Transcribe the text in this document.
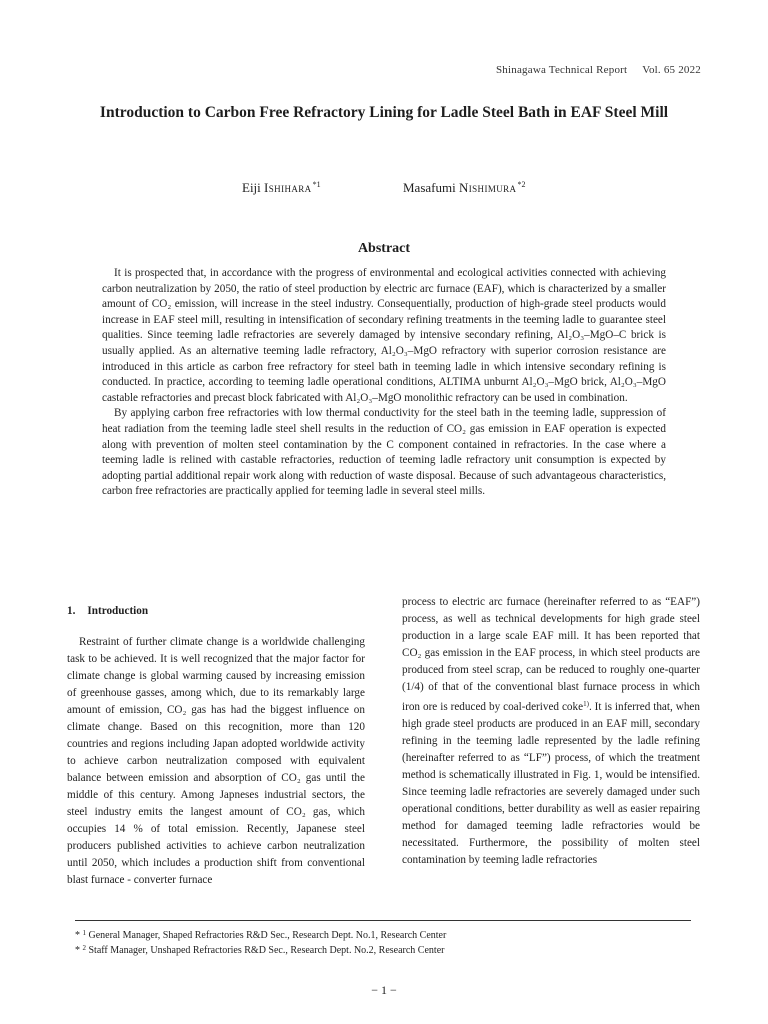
Shinagawa Technical Report Vol. 65 2022
Introduction to Carbon Free Refractory Lining for Ladle Steel Bath in EAF Steel Mill
Eiji Ishihara$^{*1}$	Masafumi Nishimura$^{*2}$
Abstract

It is prospected that, in accordance with the progress of environmental and ecological activities connected with achieving carbon neutralization by 2050, the ratio of steel production by electric arc furnace (EAF), which is characterized by a smaller amount of CO₂ emission, will increase in the steel industry. Consequentially, production of high-grade steel products would increase in EAF steel mill, resulting in intensification of secondary refining treatments in the teeming ladle to guarantee steel qualities. Since teeming ladle refractories are severely damaged by intensive secondary refining, Al₂O₃–MgO–C brick is usually applied. As an alternative teeming ladle refractory, Al₂O₃–MgO refractory with superior corrosion resistance are introduced in this article as carbon free refractory for steel bath in teeming ladle in which intensive secondary refining is conducted. In practice, according to teeming ladle operational conditions, ALTIMA unburnt Al₂O₃–MgO brick, Al₂O₃–MgO castable refractories and precast block fabricated with Al₂O₃–MgO monolithic refractory can be used in combination.

By applying carbon free refractories with low thermal conductivity for the steel bath in the teeming ladle, suppression of heat radiation from the teeming ladle steel shell results in the reduction of CO₂ gas emission in EAF operation is expected along with prevention of molten steel contamination by the C component contained in refractories. In the case where a teeming ladle is relined with castable refractories, reduction of teeming ladle refractory unit consumption is expected by adopting partial additional repair work along with reduction of waste disposal. Because of such advantageous characteristics, carbon free refractories are practically applied for teeming ladle in several steel mills.

1. Introduction

Restraint of further climate change is a worldwide challenging task to be achieved. It is well recognized that the major factor for climate change is global warming caused by increasing emission of greenhouse gasses, among which, due to its remarkably large amount of emission, CO₂ gas has had the biggest influence on climate change. Based on this recognition, more than 120 countries and regions including Japan adopted worldwide activity to achieve carbon neutralization composed with equivalent balance between emission and absorption of CO₂ gas until the middle of this century. Among Japneses industrial sectors, the steel industry emits the langest amount of CO₂ gas, which occupies 14 % of total emission. Recently, Japanese steel producers published activities to achieve carbon neutralization until 2050, which includes a production shift from conventional blast furnace - converter furnace

process to electric arc furnace (hereinafter referred to as “EAF”) process, as well as technical developments for high grade steel production in a large scale EAF mill. It has been reported that CO₂ gas emission in the EAF process, in which steel products are produced from steel scrap, can be reduced to roughly one-quarter (1/4) of that of the conventional blast furnace process in which iron ore is reduced by coal-derived coke$^{1)}$. It is inferred that, when high grade steel products are produced in an EAF mill, secondary refining in the teeming ladle represented by the ladle refining (hereinafter referred to as “LF”) process, of which the treatment method is schematically illustrated in Fig. 1, would be intensified. Since teeming ladle refractories are severely damaged under such operational conditions, better durability as well as easier repairing method for damaged teeming ladle refractories would be necessitated. Furthermore, the possibility of molten steel contamination by teeming ladle refractories

* $^1$ General Manager, Shaped Refractories R&D Sec., Research Dept. No.1, Research Center
* $^2$ Staff Manager, Unshaped Refractories R&D Sec., Research Dept. No.2, Research Center
− 1 −
